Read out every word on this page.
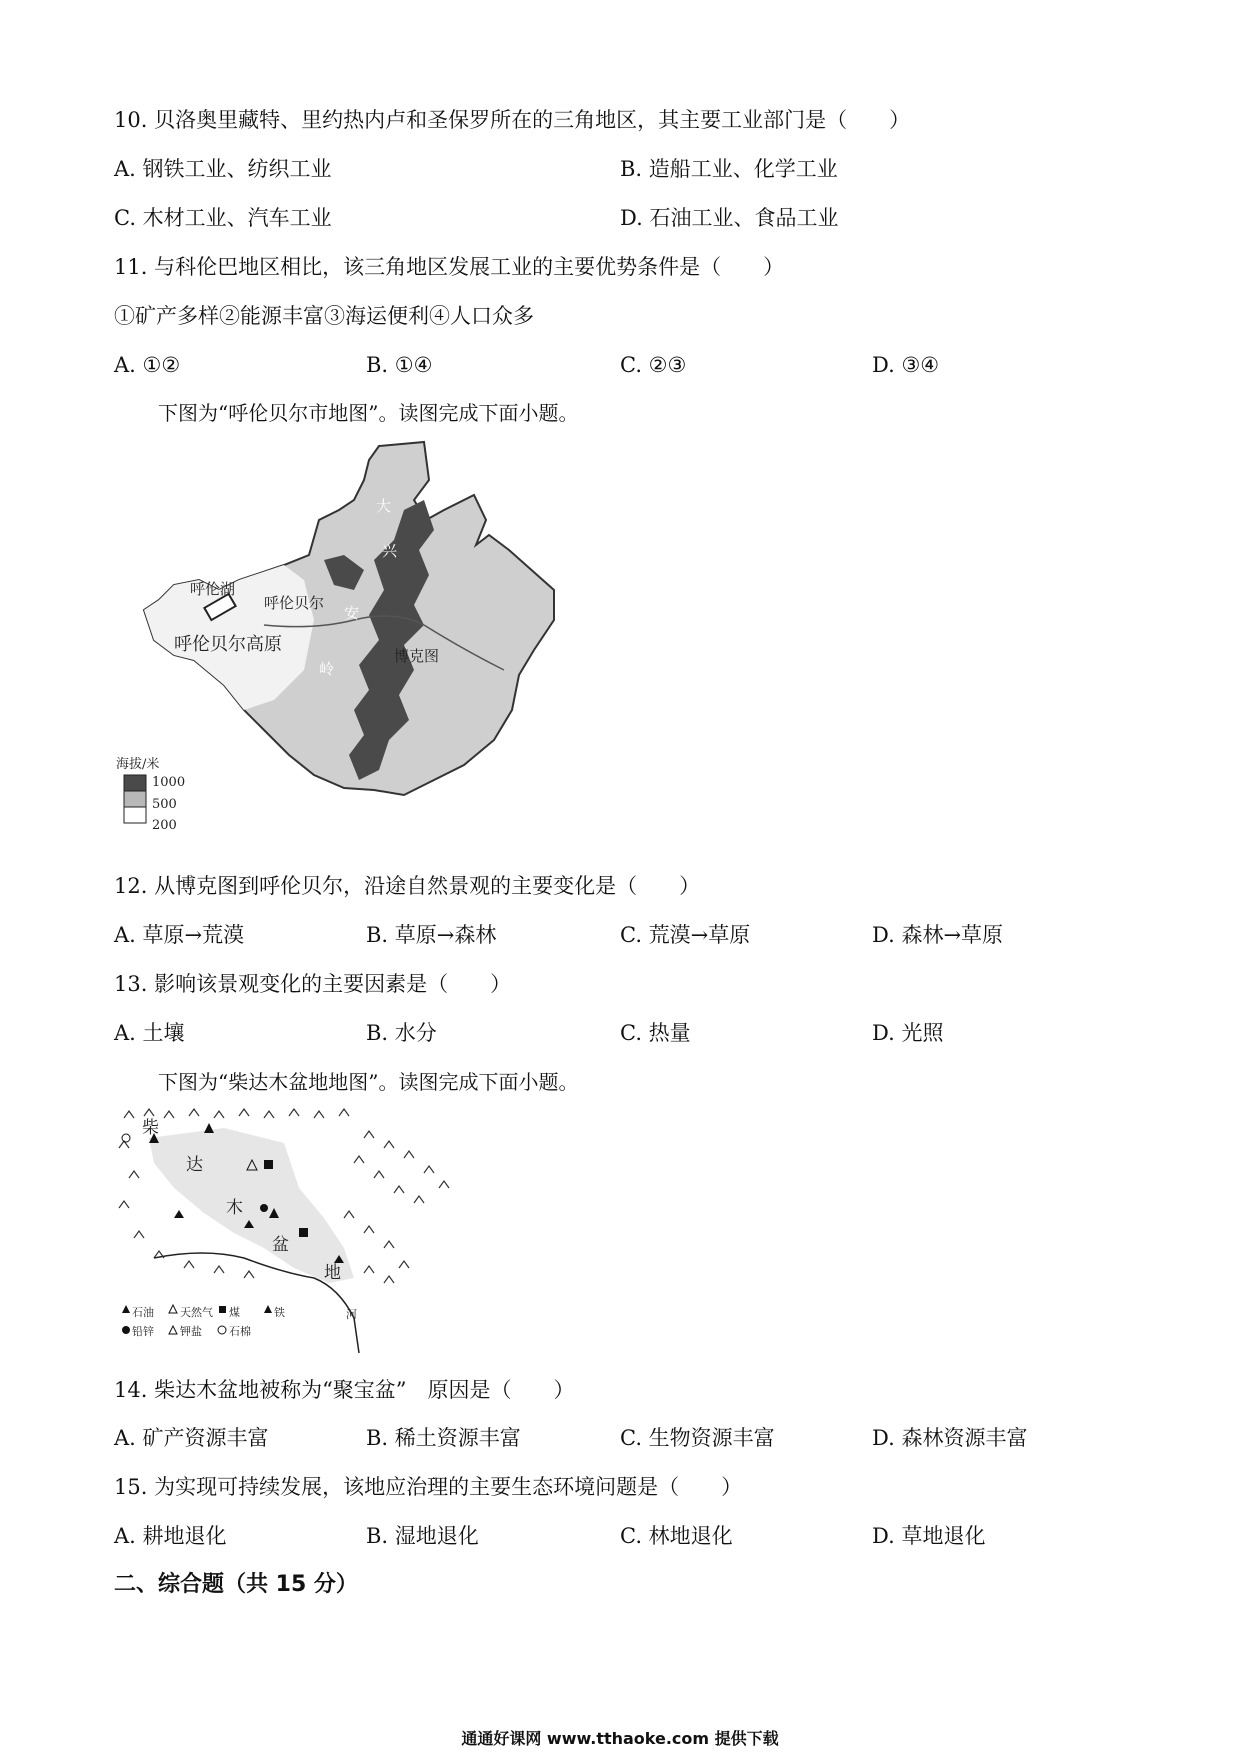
10. 贝洛奥里藏特、里约热内卢和圣保罗所在的三角地区，其主要工业部门是（　　）
A. 钢铁工业、纺织工业	B. 造船工业、化学工业
C. 木材工业、汽车工业	D. 石油工业、食品工业
11. 与科伦巴地区相比，该三角地区发展工业的主要优势条件是（　　）
①矿产多样②能源丰富③海运便利④人口众多
A. ①②	B. ①④	C. ②③	D. ③④
下图为“呼伦贝尔市地图”。读图完成下面小题。
呼伦湖
呼伦贝尔
呼伦贝尔高原
博克图
大
兴
安
岭
海拔/米
1000
500
200
12. 从博克图到呼伦贝尔，沿途自然景观的主要变化是（　　）
A. 草原→荒漠	B. 草原→森林	C. 荒漠→草原	D. 森林→草原
13. 影响该景观变化的主要因素是（　　）
A. 土壤	B. 水分	C. 热量	D. 光照
下图为“柴达木盆地地图”。读图完成下面小题。
柴
达
木
盆
地
河
石油 天然气 煤	铁
铅锌 钾盐 石棉
14. 柴达木盆地被称为“聚宝盆”　原因是（　　）
A. 矿产资源丰富	B. 稀土资源丰富	C. 生物资源丰富	D. 森林资源丰富
15. 为实现可持续发展，该地应治理的主要生态环境问题是（　　）
A. 耕地退化	B. 湿地退化	C. 林地退化	D. 草地退化
二、综合题（共 15 分）
通通好课网 www.tthaoke.com 提供下载
